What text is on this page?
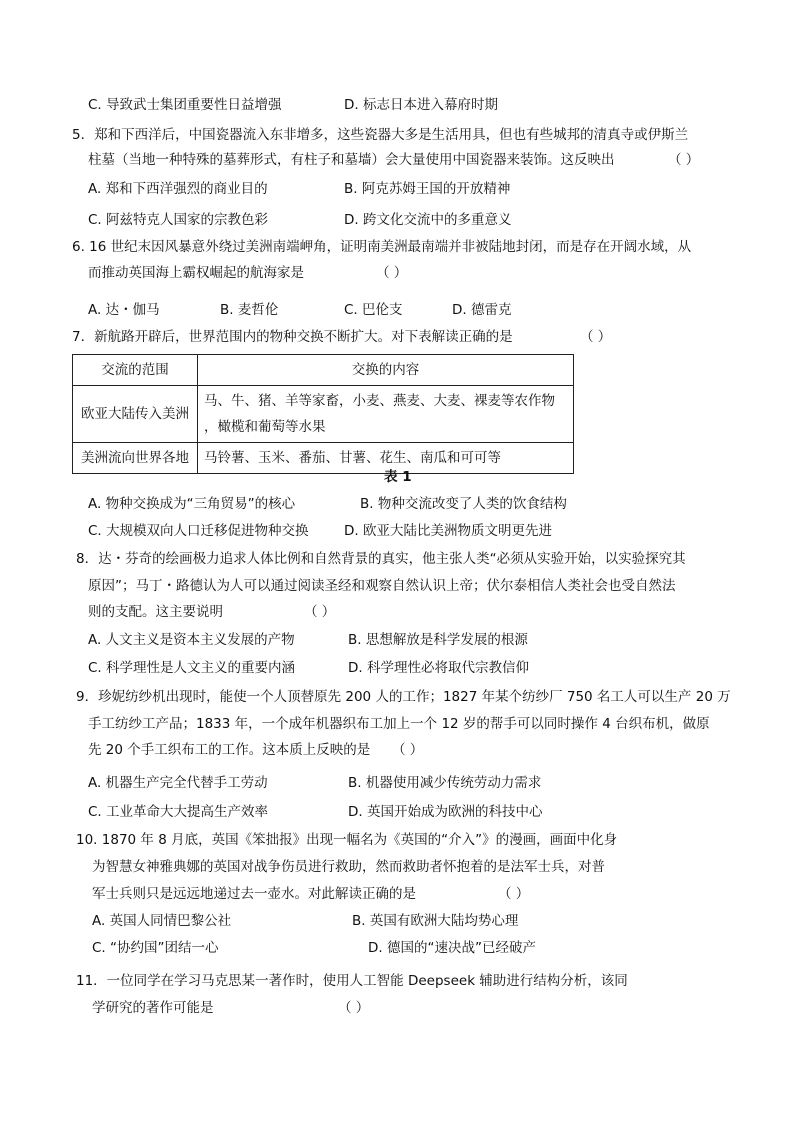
C. 导致武士集团重要性日益增强	D. 标志日本进入幕府时期
5．郑和下西洋后，中国瓷器流入东非增多，这些瓷器大多是生活用具，但也有些城邦的清真寺或伊斯兰
柱墓（当地一种特殊的墓葬形式，有柱子和墓墙）会大量使用中国瓷器来装饰。这反映出	（ ）
A. 郑和下西洋强烈的商业目的	B. 阿克苏姆王国的开放精神
C. 阿兹特克人国家的宗教色彩	D. 跨文化交流中的多重意义
6. 16 世纪末因风暴意外绕过美洲南端岬角，证明南美洲最南端并非被陆地封闭，而是存在开阔水域，从
而推动英国海上霸权崛起的航海家是	（ ）
A. 达・伽马	B. 麦哲伦	C. 巴伦支	D. 德雷克
7．新航路开辟后，世界范围内的物种交换不断扩大。对下表解读正确的是	（ ）
交流的范围	交换的内容
欧亚大陆传入美洲	马、牛、猪、羊等家畜，小麦、燕麦、大麦、裸麦等农作物
，橄榄和葡萄等水果

美洲流向世界各地	马铃薯、玉米、番茄、甘薯、花生、南瓜和可可等
表 1
A. 物种交换成为“三角贸易”的核心	B. 物种交流改变了人类的饮食结构
C. 大规模双向人口迁移促进物种交换	D. 欧亚大陆比美洲物质文明更先进
8．达・芬奇的绘画极力追求人体比例和自然背景的真实，他主张人类“必须从实验开始，以实验探究其
原因”；马丁・路德认为人可以通过阅读圣经和观察自然认识上帝；伏尔泰相信人类社会也受自然法
则的支配。这主要说明	（ ）
A. 人文主义是资本主义发展的产物	B. 思想解放是科学发展的根源
C. 科学理性是人文主义的重要内涵	D. 科学理性必将取代宗教信仰
9．珍妮纺纱机出现时，能使一个人顶替原先 200 人的工作；1827 年某个纺纱厂 750 名工人可以生产 20 万
手工纺纱工产品；1833 年，一个成年机器织布工加上一个 12 岁的帮手可以同时操作 4 台织布机，做原
先 20 个手工织布工的工作。这本质上反映的是 （ ）
A. 机器生产完全代替手工劳动	B. 机器使用减少传统劳动力需求
C. 工业革命大大提高生产效率	D. 英国开始成为欧洲的科技中心
10. 1870 年 8 月底，英国《笨拙报》出现一幅名为《英国的“介入”》的漫画，画面中化身
为智慧女神雅典娜的英国对战争伤员进行救助，然而救助者怀抱着的是法军士兵，对普
军士兵则只是远远地递过去一壶水。对此解读正确的是	（ ）
A. 英国人同情巴黎公社	B. 英国有欧洲大陆均势心理
C. “协约国”团结一心	D. 德国的“速决战”已经破产
11．一位同学在学习马克思某一著作时，使用人工智能 Deepseek 辅助进行结构分析，该同
学研究的著作可能是	（ ）
